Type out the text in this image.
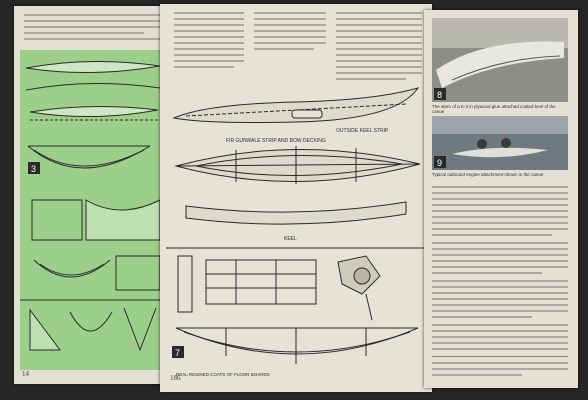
3
14
OUTSIDE KEEL STRIP
FIR GUNWALE STRIP AND BOW DECKING
KEEL
7
REAL RESINED COATS OF FLOOR BOARDS
186
8
The stern of a K-3 in plywood glue attached coated keel of the canoe
9
Typical outboard engine attachment shown in the canoe
